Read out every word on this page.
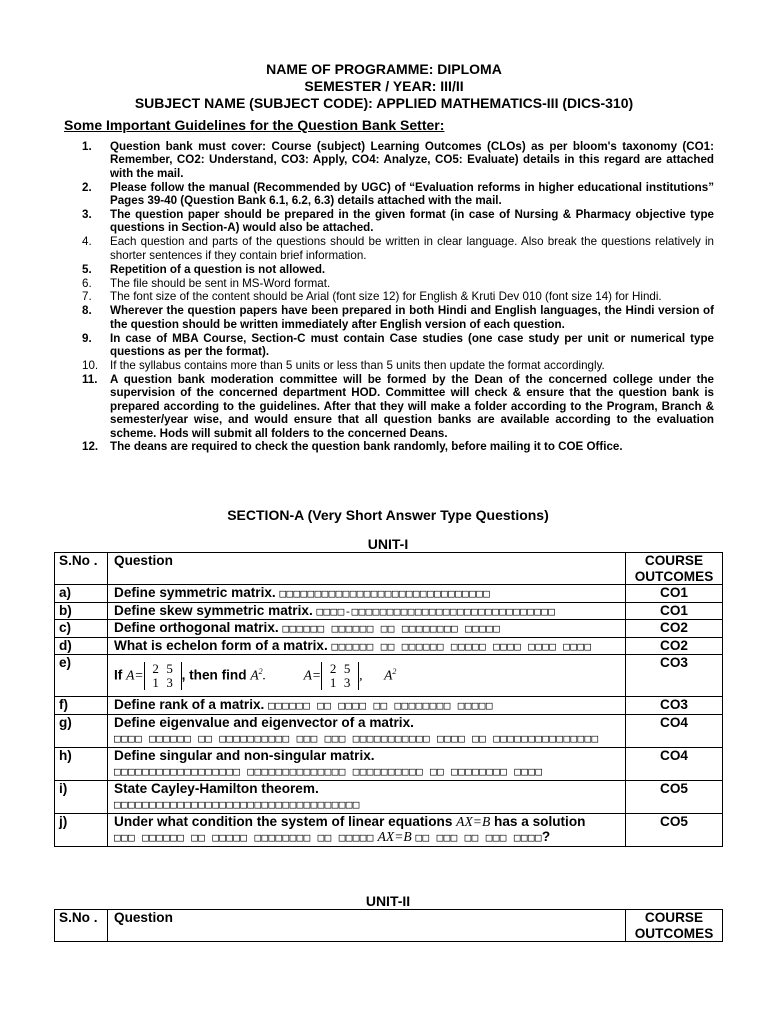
NAME OF PROGRAMME: DIPLOMA
SEMESTER / YEAR: III/II
SUBJECT NAME (SUBJECT CODE): APPLIED MATHEMATICS-III (DICS-310)
Some Important Guidelines for the Question Bank Setter:
1.	Question bank must cover: Course (subject) Learning Outcomes (CLOs) as per bloom's taxonomy (CO1: Remember, CO2: Understand, CO3: Apply, CO4: Analyze, CO5: Evaluate) details in this regard are attached with the mail.
2.	Please follow the manual (Recommended by UGC) of “Evaluation reforms in higher educational institutions” Pages 39-40 (Question Bank 6.1, 6.2, 6.3) details attached with the mail.
3.	The question paper should be prepared in the given format (in case of Nursing & Pharmacy objective type questions in Section-A) would also be attached.
4.	Each question and parts of the questions should be written in clear language. Also break the questions relatively in shorter sentences if they contain brief information.
5.	Repetition of a question is not allowed.
6.	The file should be sent in MS-Word format.
7.	The font size of the content should be Arial (font size 12) for English & Kruti Dev 010 (font size 14) for Hindi.
8.	Wherever the question papers have been prepared in both Hindi and English languages, the Hindi version of the question should be written immediately after English version of each question.
9.	In case of MBA Course, Section-C must contain Case studies (one case study per unit or numerical type questions as per the format).
10.	If the syllabus contains more than 5 units or less than 5 units then update the format accordingly.
11.	A question bank moderation committee will be formed by the Dean of the concerned college under the supervision of the concerned department HOD. Committee will check & ensure that the question bank is prepared according to the guidelines. After that they will make a folder according to the Program, Branch & semester/year wise, and would ensure that all question banks are available according to the evaluation scheme. Hods will submit all folders to the concerned Deans.
12.	The deans are required to check the question bank randomly, before mailing it to COE Office.
SECTION-A (Very Short Answer Type Questions)
UNIT-I
S.No .	Question	COURSE OUTCOMES
a)	Define symmetric matrix. □□□□□□□□□□□□□□□□□□□□□□□□□□□□□□	CO1
b)	Define skew symmetric matrix. □□□□-□□□□□□□□□□□□□□□□□□□□□□□□□□□□□	CO1
c)	Define orthogonal matrix. □□□□□□ □□□□□□ □□ □□□□□□□□ □□□□□	CO2
d)	What is echelon form of a matrix. □□□□□□ □□ □□□□□□ □□□□□ □□□□ □□□□ □□□□	CO2
e)	If A= 2 5
1 3 , then find $A^2$. A= 2 5
1 3 , $A^2$	CO3
f)	Define rank of a matrix. □□□□□□ □□ □□□□ □□ □□□□□□□□ □□□□□	CO3
g)	Define eigenvalue and eigenvector of a matrix.
□□□□ □□□□□□ □□ □□□□□□□□□□ □□□ □□□ □□□□□□□□□□□ □□□□ □□ □□□□□□□□□□□□□□□	CO4
h)	Define singular and non-singular matrix.
□□□□□□□□□□□□□□□□□□ □□□□□□□□□□□□□□ □□□□□□□□□□ □□ □□□□□□□□ □□□□	CO4
i)	State Cayley-Hamilton theorem.
□□□□□□□□□□□□□□□□□□□□□□□□□□□□□□□□□□□	CO5
j)	Under what condition the system of linear equations AX=B has a solution
□□□ □□□□□□ □□ □□□□□ □□□□□□□□ □□ □□□□□ AX=B □□ □□□ □□ □□□ □□□□?	CO5
UNIT-II
S.No .	Question	COURSE OUTCOMES
